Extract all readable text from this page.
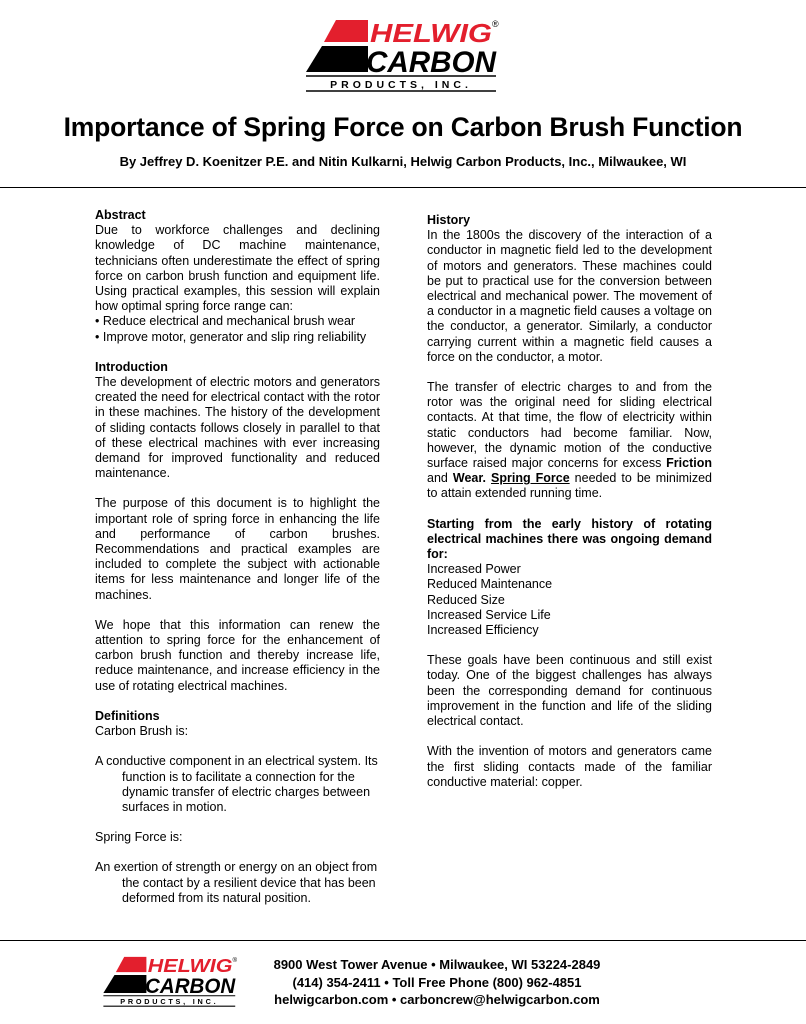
HELWIG ®
CARBON
PRODUCTS, INC.
Importance of Spring Force on Carbon Brush Function

By Jeffrey D. Koenitzer P.E. and Nitin Kulkarni, Helwig Carbon Products, Inc., Milwaukee, WI

Abstract
Due to workforce challenges and declining knowledge of DC machine maintenance, technicians often underestimate the effect of spring force on carbon brush function and equipment life. Using practical examples, this session will explain how optimal spring force range can:
• Reduce electrical and mechanical brush wear
• Improve motor, generator and slip ring reliability
Introduction

The development of electric motors and generators created the need for electrical contact with the rotor in these machines. The history of the development of sliding contacts follows closely in parallel to that of these electrical machines with ever increasing demand for improved functionality and reduced maintenance.

The purpose of this document is to highlight the important role of spring force in enhancing the life and performance of carbon brushes. Recommendations and practical examples are included to complete the subject with actionable items for less maintenance and longer life of the machines.

We hope that this information can renew the attention to spring force for the enhancement of carbon brush function and thereby increase life, reduce maintenance, and increase efficiency in the use of rotating electrical machines.

Definitions

Carbon Brush is:

A conductive component in an electrical system. Its function is to facilitate a connection for the dynamic transfer of electric charges between surfaces in motion.

Spring Force is:

An exertion of strength or energy on an object from the contact by a resilient device that has been deformed from its natural position.

History

In the 1800s the discovery of the interaction of a conductor in magnetic field led to the development of motors and generators. These machines could be put to practical use for the conversion between electrical and mechanical power. The movement of a conductor in a magnetic field causes a voltage on the conductor, a generator. Similarly, a conductor carrying current within a magnetic field causes a force on the conductor, a motor.

The transfer of electric charges to and from the rotor was the original need for sliding electrical contacts. At that time, the flow of electricity within static conductors had become familiar. Now, however, the dynamic motion of the conductive surface raised major concerns for excess Friction and Wear. Spring Force needed to be minimized to attain extended running time.

Starting from the early history of rotating electrical machines there was ongoing demand for:
Increased Power
Reduced Maintenance
Reduced Size
Increased Service Life
Increased Efficiency

These goals have been continuous and still exist today. One of the biggest challenges has always been the corresponding demand for continuous improvement in the function and life of the sliding electrical contact.

With the invention of motors and generators came the first sliding contacts made of the familiar conductive material: copper.

HELWIG ®
CARBON
PRODUCTS, INC.
8900 West Tower Avenue • Milwaukee, WI 53224-2849
(414) 354-2411 • Toll Free Phone (800) 962-4851
helwigcarbon.com • carboncrew@helwigcarbon.com
